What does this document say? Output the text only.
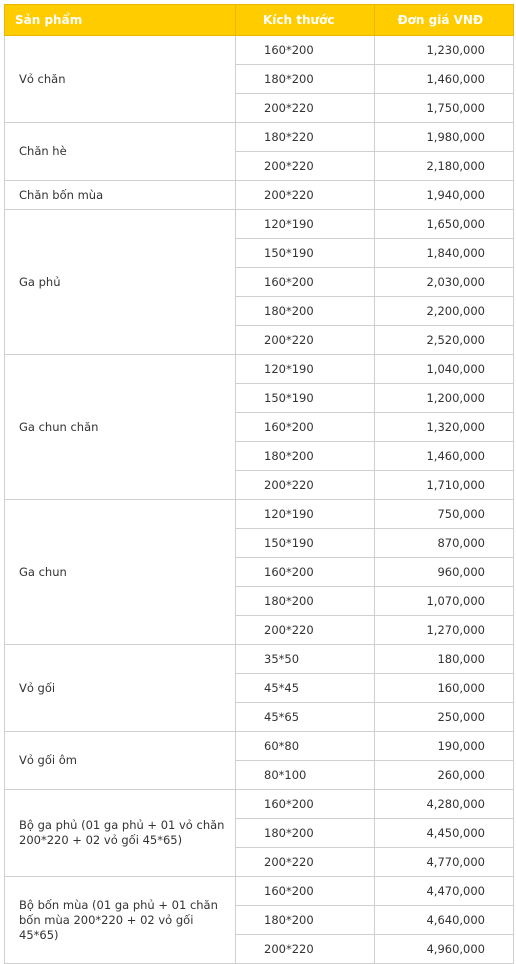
Sản phẩm	Kích thước	Đơn giá VNĐ
Vỏ chăn	160*200	1,230,000
	180*200	1,460,000
	200*220	1,750,000
Chăn hè	180*220	1,980,000
	200*220	2,180,000
Chăn bốn mùa	200*220	1,940,000
Ga phủ	120*190	1,650,000
	150*190	1,840,000
	160*200	2,030,000
	180*200	2,200,000
	200*220	2,520,000
Ga chun chăn	120*190	1,040,000
	150*190	1,200,000
	160*200	1,320,000
	180*200	1,460,000
	200*220	1,710,000
Ga chun	120*190	750,000
	150*190	870,000
	160*200	960,000
	180*200	1,070,000
	200*220	1,270,000
Vỏ gối	35*50	180,000
	45*45	160,000
	45*65	250,000
Vỏ gối ôm	60*80	190,000
	80*100	260,000
Bộ ga phủ (01 ga phủ + 01 vỏ chăn 200*220 + 02 vỏ gối 45*65)	160*200	4,280,000
	180*200	4,450,000
	200*220	4,770,000
Bộ bốn mùa (01 ga phủ + 01 chăn bốn mùa 200*220 + 02 vỏ gối 45*65)	160*200	4,470,000
	180*200	4,640,000
	200*220	4,960,000
